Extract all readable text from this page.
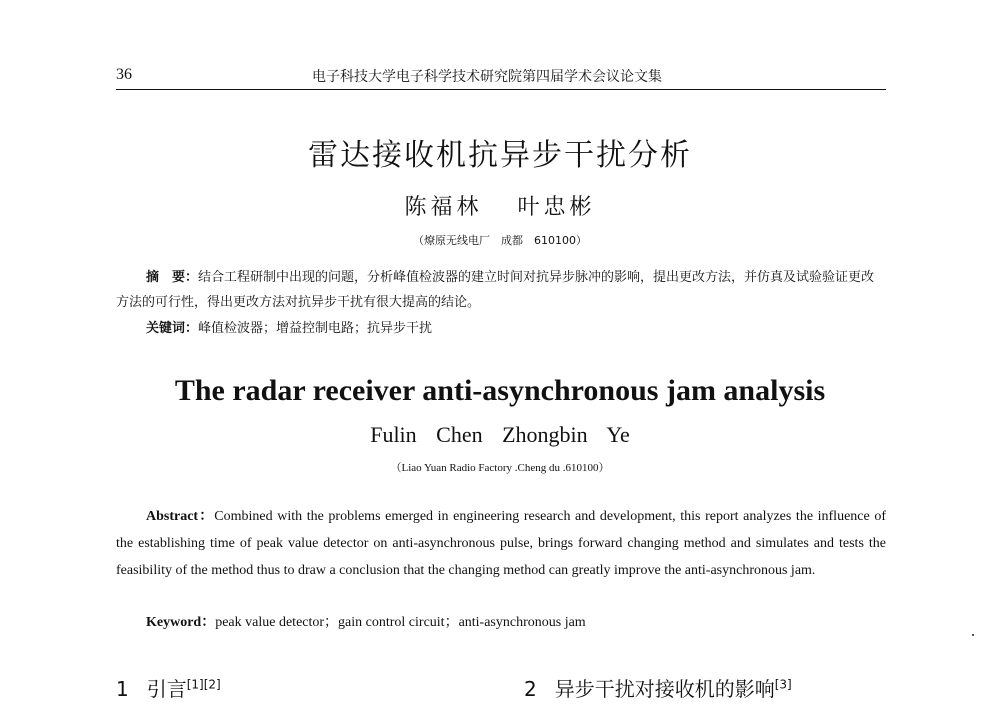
36	电子科技大学电子科学技术研究院第四届学术会议论文集
雷达接收机抗异步干扰分析
陈福林 叶忠彬
（燎原无线电厂　成都　610100）
摘　要：结合工程研制中出现的问题，分析峰值检波器的建立时间对抗异步脉冲的影响，提出更改方法，并仿真及试验验证更改方法的可行性，得出更改方法对抗异步干扰有很大提高的结论。
关键词：峰值检波器；增益控制电路；抗异步干扰
The radar receiver anti-asynchronous jam analysis
Fulin Chen Zhongbin Ye
（Liao Yuan Radio Factory .Cheng du .610100）
Abstract：Combined with the problems emerged in engineering research and development, this report analyzes the influence of the establishing time of peak value detector on anti-asynchronous pulse, brings forward changing method and simulates and tests the feasibility of the method thus to draw a conclusion that the changing method can greatly improve the anti-asynchronous jam.
Keyword：peak value detector；gain control circuit；anti-asynchronous jam
1 引言[1][2]	2 异步干扰对接收机的影响[3]
